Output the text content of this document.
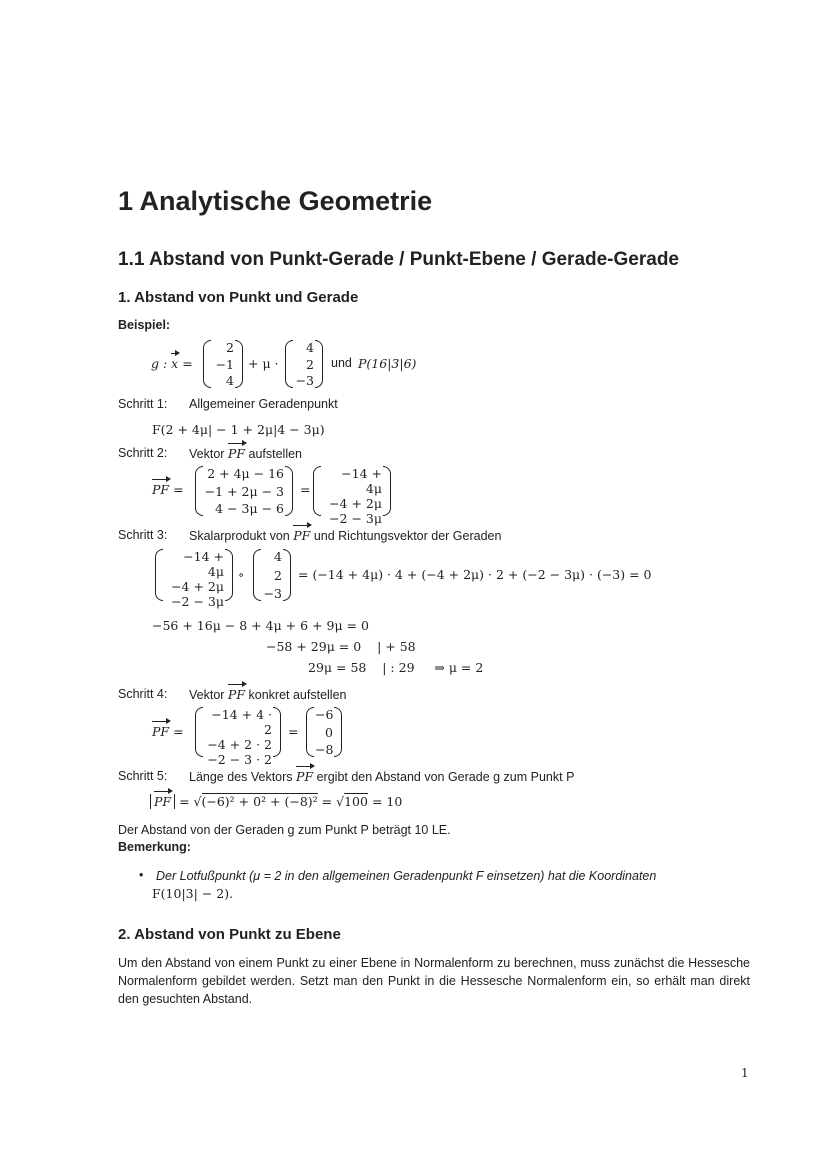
1 Analytische Geometrie
1.1 Abstand von Punkt-Gerade / Punkt-Ebene / Gerade-Gerade
1. Abstand von Punkt und Gerade
Beispiel:
g : x =
2
−1
4
+ μ ·
4
2
−3
und P(16|3|6)
Schritt 1: Allgemeiner Geradenpunkt
F(2 + 4μ| − 1 + 2μ|4 − 3μ)
Schritt 2: Vektor PF aufstellen
PF =
2 + 4μ − 16
−1 + 2μ − 3
4 − 3μ − 6
=
−14 + 4μ
−4 + 2μ
−2 − 3μ
Schritt 3: Skalarprodukt von PF und Richtungsvektor der Geraden
−14 + 4μ
−4 + 2μ
−2 − 3μ
∘
4
2
−3
= (−14 + 4μ) · 4 + (−4 + 2μ) · 2 + (−2 − 3μ) · (−3) = 0
−56 + 16μ − 8 + 4μ + 6 + 9μ = 0
−58 + 29μ = 0    | + 58
29μ = 58    | : 29     ⇒ μ = 2
Schritt 4: Vektor PF konkret aufstellen
PF =
−14 + 4 · 2
−4 + 2 · 2
−2 − 3 · 2
=
−6
0
−8
Schritt 5: Länge des Vektors PF ergibt den Abstand von Gerade g zum Punkt P
PF = √(−6)² + 0² + (−8)² = √100 = 10
Der Abstand von der Geraden g zum Punkt P beträgt 10 LE.
Bemerkung:
• Der Lotfußpunkt (μ = 2 in den allgemeinen Geradenpunkt F einsetzen) hat die Koordinaten
F(10|3| − 2).
2. Abstand von Punkt zu Ebene
Um den Abstand von einem Punkt zu einer Ebene in Normalenform zu berechnen, muss zunächst die Hessesche Normalenform gebildet werden. Setzt man den Punkt in die Hessesche Normalenform ein, so erhält man direkt den gesuchten Abstand.
1
